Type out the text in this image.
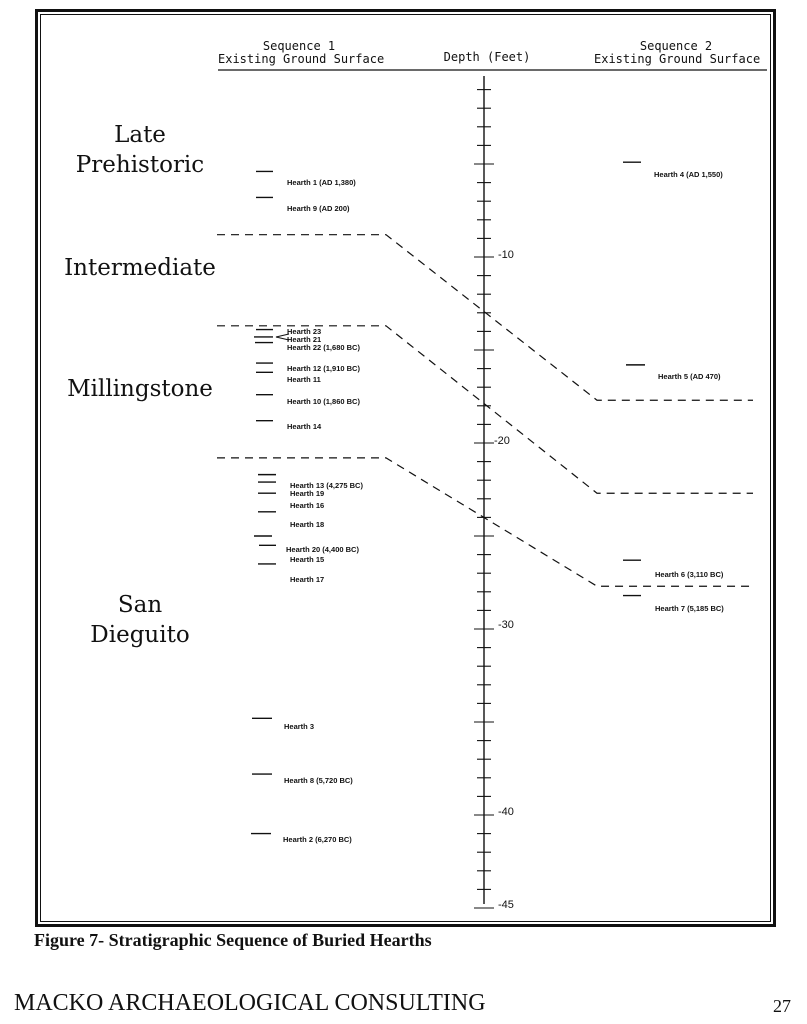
Sequence 1
Existing Ground Surface	Depth (Feet)
Sequence 2
Existing Ground Surface
Late
Prehistoric
Intermediate
Millingstone
San
Dieguito
-10
-20
-30
-40
-45
Hearth 1 (AD 1,380)
Hearth 9 (AD 200)
Hearth 23
Hearth 21
Hearth 22 (1,680 BC)
Hearth 12 (1,910 BC)
Hearth 11
Hearth 10 (1,860 BC)
Hearth 14
Hearth 13 (4,275 BC)
Hearth 19
Hearth 16
Hearth 18
Hearth 20 (4,400 BC)
Hearth 15
Hearth 17
Hearth 3
Hearth 8 (5,720 BC)
Hearth 2 (6,270 BC)
Hearth 4 (AD 1,550)
Hearth 5 (AD 470)
Hearth 6 (3,110 BC)
Hearth 7 (5,185 BC)
Figure 7- Stratigraphic Sequence of Buried Hearths
MACKO ARCHAEOLOGICAL CONSULTING	27
